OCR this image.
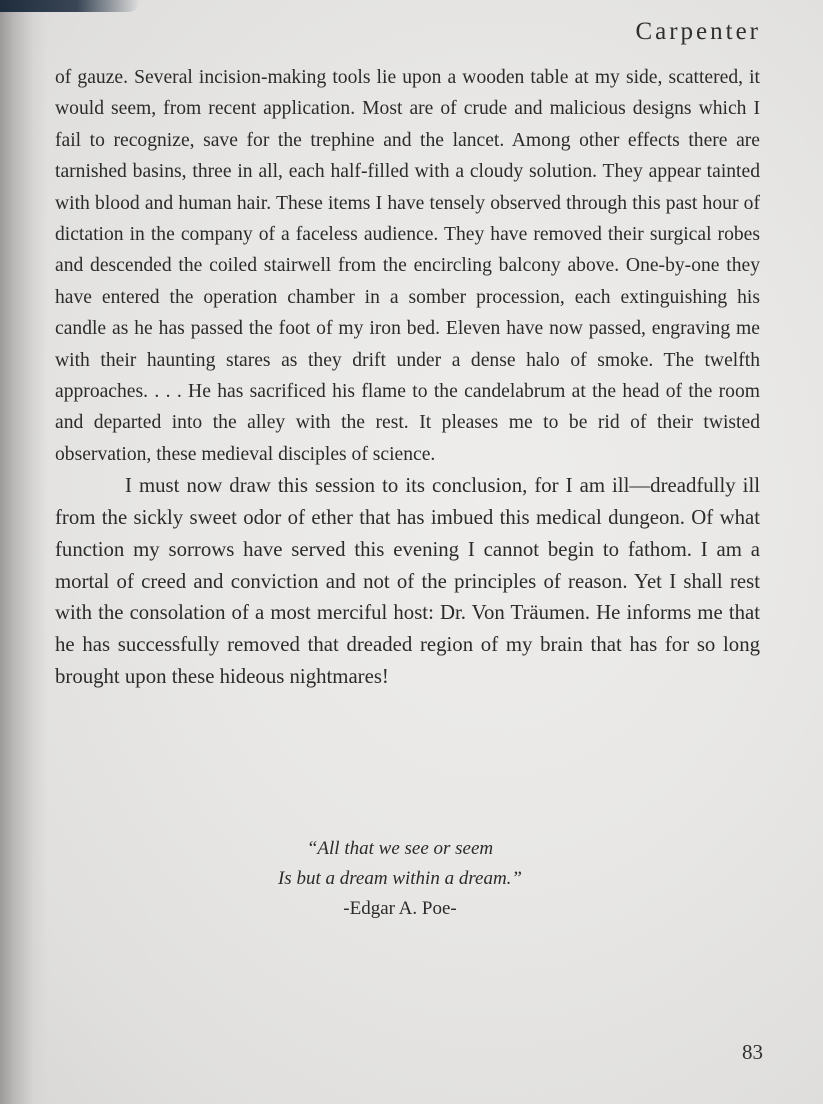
Carpenter

of gauze. Several incision-making tools lie upon a wooden table at my side, scattered, it would seem, from recent application. Most are of crude and malicious designs which I fail to recognize, save for the trephine and the lancet. Among other effects there are tarnished basins, three in all, each half-filled with a cloudy solution. They appear tainted with blood and human hair. These items I have tensely observed through this past hour of dictation in the company of a faceless audience. They have removed their surgical robes and descended the coiled stairwell from the encircling balcony above. One-by-one they have entered the operation chamber in a somber procession, each extinguishing his candle as he has passed the foot of my iron bed. Eleven have now passed, engraving me with their haunting stares as they drift under a dense halo of smoke. The twelfth approaches. . . . He has sacrificed his flame to the candelabrum at the head of the room and departed into the alley with the rest. It pleases me to be rid of their twisted observation, these medieval disciples of science.

I must now draw this session to its conclusion, for I am ill—dreadfully ill from the sickly sweet odor of ether that has imbued this medical dungeon. Of what function my sorrows have served this evening I cannot begin to fathom. I am a mortal of creed and conviction and not of the principles of reason. Yet I shall rest with the consolation of a most merciful host: Dr. Von Träumen. He informs me that he has successfully removed that dreaded region of my brain that has for so long brought upon these hideous nightmares!

“All that we see or seem
Is but a dream within a dream.”
-Edgar A. Poe-
83
